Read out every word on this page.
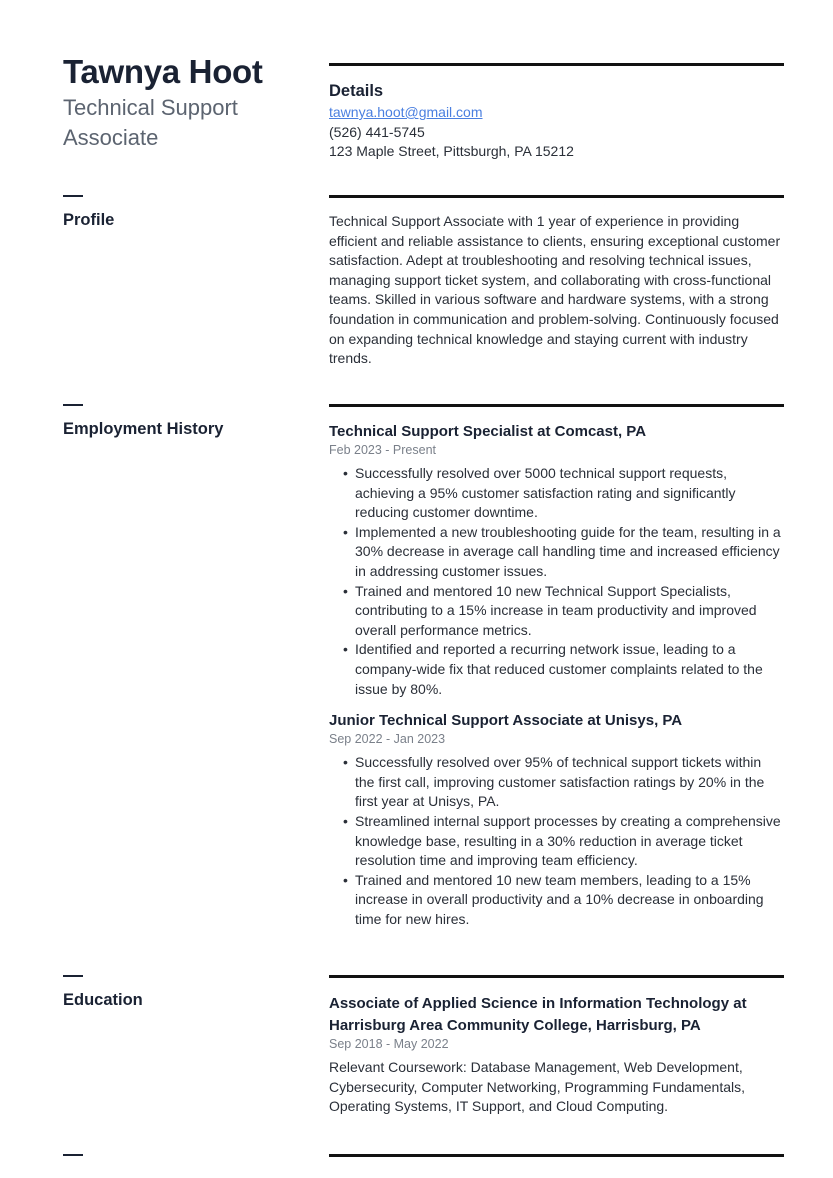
Tawnya Hoot
Technical Support Associate
Details
tawnya.hoot@gmail.com
(526) 441-5745
123 Maple Street, Pittsburgh, PA 15212
Profile	Technical Support Associate with 1 year of experience in providing efficient and reliable assistance to clients, ensuring exceptional customer satisfaction. Adept at troubleshooting and resolving technical issues, managing support ticket system, and collaborating with cross-functional teams. Skilled in various software and hardware systems, with a strong foundation in communication and problem-solving. Continuously focused on expanding technical knowledge and staying current with industry trends.
Employment History	Technical Support Specialist at Comcast, PA
Feb 2023 - Present
• Successfully resolved over 5000 technical support requests, achieving a 95% customer satisfaction rating and significantly reducing customer downtime.
• Implemented a new troubleshooting guide for the team, resulting in a 30% decrease in average call handling time and increased efficiency in addressing customer issues.
• Trained and mentored 10 new Technical Support Specialists, contributing to a 15% increase in team productivity and improved overall performance metrics.
• Identified and reported a recurring network issue, leading to a company-wide fix that reduced customer complaints related to the issue by 80%.
Junior Technical Support Associate at Unisys, PA
Sep 2022 - Jan 2023
• Successfully resolved over 95% of technical support tickets within the first call, improving customer satisfaction ratings by 20% in the first year at Unisys, PA.
• Streamlined internal support processes by creating a comprehensive knowledge base, resulting in a 30% reduction in average ticket resolution time and improving team efficiency.
• Trained and mentored 10 new team members, leading to a 15% increase in overall productivity and a 10% decrease in onboarding time for new hires.
Education	Associate of Applied Science in Information Technology at Harrisburg Area Community College, Harrisburg, PA
Sep 2018 - May 2022
Relevant Coursework: Database Management, Web Development, Cybersecurity, Computer Networking, Programming Fundamentals, Operating Systems, IT Support, and Cloud Computing.
